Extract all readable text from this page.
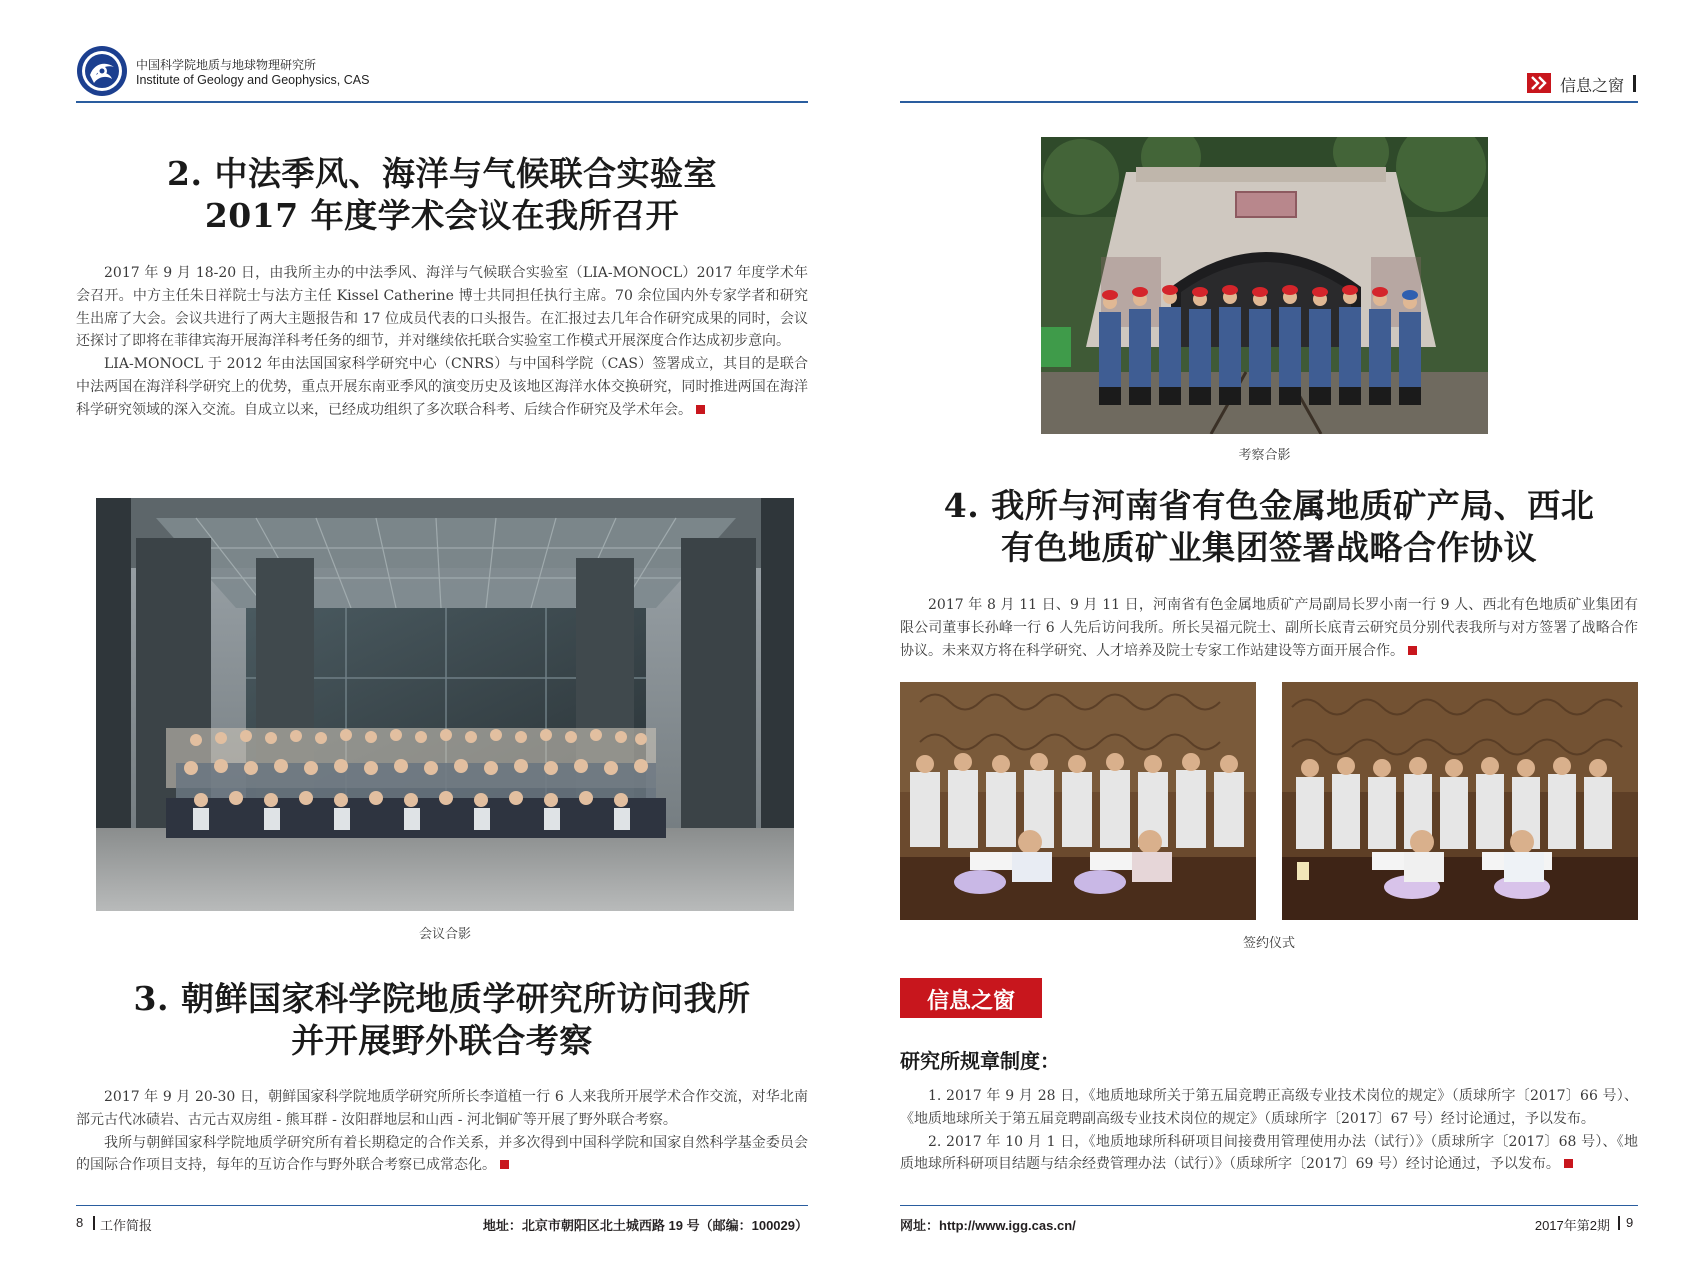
中国科学院地质与地球物理研究所
Institute of Geology and Geophysics, CAS	信息之窗
2. 中法季风、海洋与气候联合实验室
2017 年度学术会议在我所召开

2017 年 9 月 18-20 日，由我所主办的中法季风、海洋与气候联合实验室（LIA-MONOCL）2017 年度学术年会召开。中方主任朱日祥院士与法方主任 Kissel Catherine 博士共同担任执行主席。70 余位国内外专家学者和研究生出席了大会。会议共进行了两大主题报告和 17 位成员代表的口头报告。在汇报过去几年合作研究成果的同时，会议还探讨了即将在菲律宾海开展海洋科考任务的细节，并对继续依托联合实验室工作模式开展深度合作达成初步意向。

LIA-MONOCL 于 2012 年由法国国家科学研究中心（CNRS）与中国科学院（CAS）签署成立，其目的是联合中法两国在海洋科学研究上的优势，重点开展东南亚季风的演变历史及该地区海洋水体交换研究，同时推进两国在海洋科学研究领域的深入交流。自成立以来，已经成功组织了多次联合科考、后续合作研究及学术年会。

会议合影
3. 朝鲜国家科学院地质学研究所访问我所
并开展野外联合考察

2017 年 9 月 20-30 日，朝鲜国家科学院地质学研究所所长李道植一行 6 人来我所开展学术合作交流，对华北南部元古代冰碛岩、古元古双房组 - 熊耳群 - 汝阳群地层和山西 - 河北铜矿等开展了野外联合考察。

我所与朝鲜国家科学院地质学研究所有着长期稳定的合作关系，并多次得到中国科学院和国家自然科学基金委员会的国际合作项目支持，每年的互访合作与野外联合考察已成常态化。

考察合影
4. 我所与河南省有色金属地质矿产局、西北
有色地质矿业集团签署战略合作协议

2017 年 8 月 11 日、9 月 11 日，河南省有色金属地质矿产局副局长罗小南一行 9 人、西北有色地质矿业集团有限公司董事长孙峰一行 6 人先后访问我所。所长吴福元院士、副所长底青云研究员分别代表我所与对方签署了战略合作协议。未来双方将在科学研究、人才培养及院士专家工作站建设等方面开展合作。

签约仪式
信息之窗
研究所规章制度：

1. 2017 年 9 月 28 日，《地质地球所关于第五届竞聘正高级专业技术岗位的规定》（质球所字〔2017〕66 号）、《地质地球所关于第五届竞聘副高级专业技术岗位的规定》（质球所字〔2017〕67 号）经讨论通过，予以发布。

2. 2017 年 10 月 1 日，《地质地球所科研项目间接费用管理使用办法（试行）》（质球所字〔2017〕68 号）、《地质地球所科研项目结题与结余经费管理办法（试行）》（质球所字〔2017〕69 号）经讨论通过，予以发布。

8 工作简报	地址：北京市朝阳区北土城西路 19 号（邮编：100029）	网址：http://www.igg.cas.cn/	2017年第2期 9
